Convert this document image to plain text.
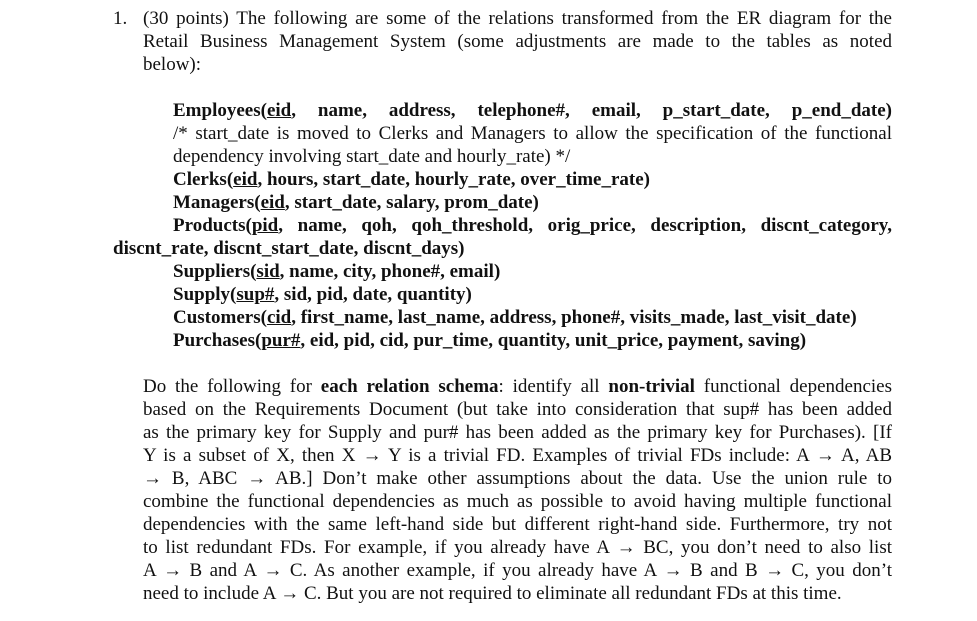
1. (30 points) The following are some of the relations transformed from the ER diagram for the
Retail Business Management System (some adjustments are made to the tables as noted
below):
Employees(eid, name, address, telephone#, email, p_start_date, p_end_date)
/* start_date is moved to Clerks and Managers to allow the specification of the functional
dependency involving start_date and hourly_rate) */
Clerks(eid, hours, start_date, hourly_rate, over_time_rate)
Managers(eid, start_date, salary, prom_date)
Products(pid, name, qoh, qoh_threshold, orig_price, description, discnt_category,
discnt_rate, discnt_start_date, discnt_days)
Suppliers(sid, name, city, phone#, email)
Supply(sup#, sid, pid, date, quantity)
Customers(cid, first_name, last_name, address, phone#, visits_made, last_visit_date)
Purchases(pur#, eid, pid, cid, pur_time, quantity, unit_price, payment, saving)
Do the following for each relation schema: identify all non-trivial functional dependencies
based on the Requirements Document (but take into consideration that sup# has been added
as the primary key for Supply and pur# has been added as the primary key for Purchases). [If
Y is a subset of X, then X → Y is a trivial FD. Examples of trivial FDs include: A → A, AB
→ B, ABC → AB.] Don’t make other assumptions about the data. Use the union rule to
combine the functional dependencies as much as possible to avoid having multiple functional
dependencies with the same left-hand side but different right-hand side. Furthermore, try not
to list redundant FDs. For example, if you already have A → BC, you don’t need to also list
A → B and A → C. As another example, if you already have A → B and B → C, you don’t
need to include A → C. But you are not required to eliminate all redundant FDs at this time.
